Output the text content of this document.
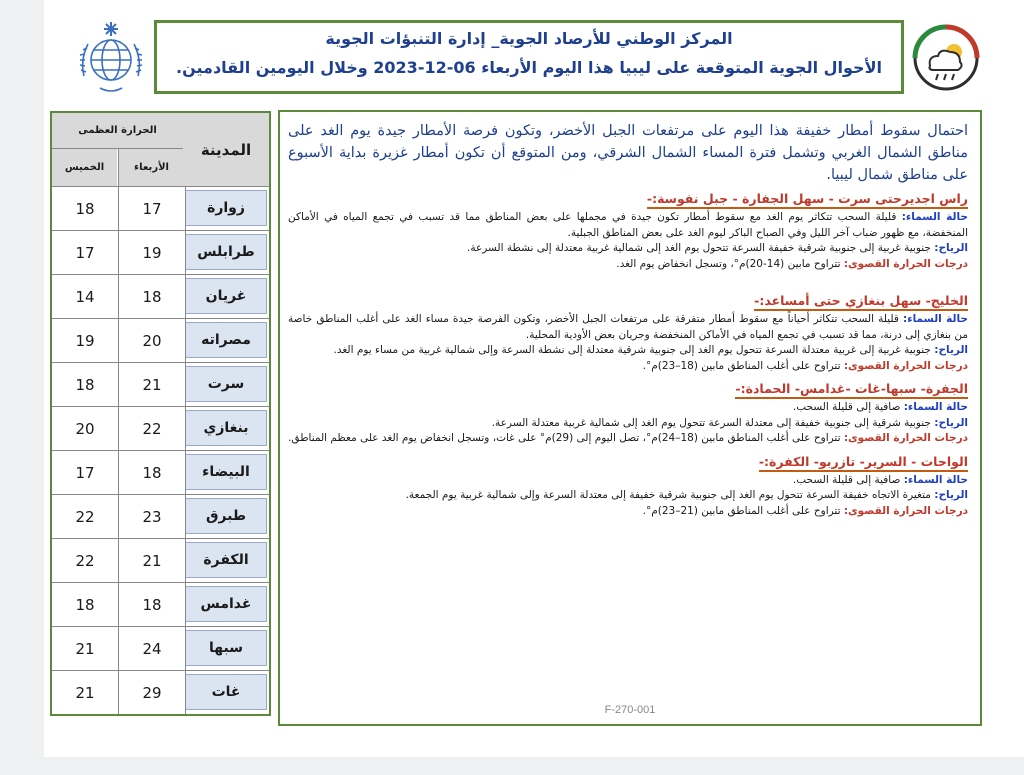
المركز الوطني للأرصاد الجوية_ إدارة التنبؤات الجوية
الأحوال الجوية المتوقعة على ليبيا هذا اليوم الأربعاء 06-12-2023 وخلال اليومين القادمين.
المدينة
الحرارة العظمى
الأربعاء
الخميس
زوارة
17
18
طرابلس
19
17
غريان
18
14
مصراته
20
19
سرت
21
18
بنغازي
22
20
البيضاء
18
17
طبرق
23
22
الكفرة
21
22
غدامس
18
18
سبها
24
21
غات
29
21

احتمال سقوط أمطار خفيفة هذا اليوم على مرتفعات الجبل الأخضر، وتكون فرصة الأمطار جيدة يوم الغد على مناطق الشمال الغربي وتشمل فترة المساء الشمال الشرقي، ومن المتوقع أن تكون أمطار غزيرة بداية الأسبوع على مناطق شمال ليبيا.

راس اجديرحتى سرت - سهل الجفارة - جبل نفوسة:-
حالة السماء: قليلة السحب تتكاثر يوم الغد مع سقوط أمطار تكون جيدة في مجملها على بعض المناطق مما قد تسبب في تجمع المياه في الأماكن المنخفضة، مع ظهور ضباب آخر الليل وفي الصباح الباكر ليوم الغد على بعض المناطق الجبلية.
الرياح: جنوبية غربية إلى جنوبية شرقية خفيفة السرعة تتحول يوم الغد إلى شمالية غربية معتدلة إلى نشطة السرعة.
درجات الحرارة القصوى: تتراوح مابين (14-20)م°، وتسجل انخفاض يوم الغد.
الخليج- سهل بنغازي حتى أمساعد:-
حالة السماء: قليلة السحب تتكاثر أحياناً مع سقوط أمطار متفرقة على مرتفعات الجبل الأخضر، وتكون الفرصة جيدة مساء الغد على أغلب المناطق خاصة من بنغازي إلى درنة، مما قد تسبب في تجمع المياه في الأماكن المنخفضة وجريان بعض الأودية المحلية.
الرياح: جنوبية غربية إلى غربية معتدلة السرعة تتحول يوم الغد إلى جنوبية شرقية معتدلة إلى نشطة السرعة وإلى شمالية غربية من مساء يوم الغد.
درجات الحرارة القصوى: تتراوح على أغلب المناطق مابين (18–23)م°.
الجفرة- سبها-غات -غدامس- الحمادة:-
حالة السماء: صافية إلى قليلة السحب.
الرياح: جنوبية شرقية إلى جنوبية خفيفة إلى معتدلة السرعة تتحول يوم الغد إلى شمالية غربية معتدلة السرعة.
درجات الحرارة القصوى: تتراوح على أغلب المناطق مابين (18–24)م°، تصل اليوم إلى (29)م° على غات، وتسجل انخفاض يوم الغد على معظم المناطق.
الواحات - السرير- تازربو- الكفرة:-
حالة السماء: صافية إلى قليلة السحب.
الرياح: متغيرة الاتجاه خفيفة السرعة تتحول يوم الغد إلى جنوبية شرقية خفيفة إلى معتدلة السرعة وإلى شمالية غربية يوم الجمعة.
درجات الحرارة القصوى: تتراوح على أغلب المناطق مابين (21–23)م°.
F-270-001
